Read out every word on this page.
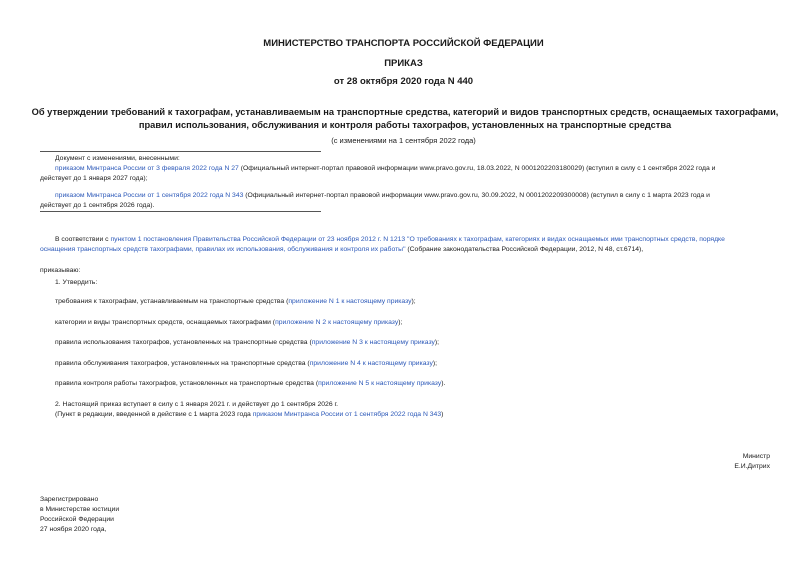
МИНИСТЕРСТВО ТРАНСПОРТА РОССИЙСКОЙ ФЕДЕРАЦИИ
ПРИКАЗ
от 28 октября 2020 года N 440
Об утверждении требований к тахографам, устанавливаемым на транспортные средства, категорий и видов транспортных средств, оснащаемых тахографами,
правил использования, обслуживания и контроля работы тахографов, установленных на транспортные средства
(с изменениями на 1 сентября 2022 года)
Документ с изменениями, внесенными:
приказом Минтранса России от 3 февраля 2022 года N 27 (Официальный интернет-портал правовой информации www.pravo.gov.ru, 18.03.2022, N 0001202203180029) (вступил в силу с 1 сентября 2022 года и
действует до 1 января 2027 года);
приказом Минтранса России от 1 сентября 2022 года N 343 (Официальный интернет-портал правовой информации www.pravo.gov.ru, 30.09.2022, N 0001202209300008) (вступил в силу с 1 марта 2023 года и
действует до 1 сентября 2026 года).
В соответствии с пунктом 1 постановления Правительства Российской Федерации от 23 ноября 2012 г. N 1213 "О требованиях к тахографам, категориях и видах оснащаемых ими транспортных средств, порядке
оснащения транспортных средств тахографами, правилах их использования, обслуживания и контроля их работы" (Собрание законодательства Российской Федерации, 2012, N 48, ст.6714),
приказываю:
1. Утвердить:
требования к тахографам, устанавливаемым на транспортные средства (приложение N 1 к настоящему приказу);
категории и виды транспортных средств, оснащаемых тахографами (приложение N 2 к настоящему приказу);
правила использования тахографов, установленных на транспортные средства (приложение N 3 к настоящему приказу);
правила обслуживания тахографов, установленных на транспортные средства (приложение N 4 к настоящему приказу);
правила контроля работы тахографов, установленных на транспортные средства (приложение N 5 к настоящему приказу).
2. Настоящий приказ вступает в силу с 1 января 2021 г. и действует до 1 сентября 2026 г.
(Пункт в редакции, введенной в действие с 1 марта 2023 года приказом Минтранса России от 1 сентября 2022 года N 343)
Министр
Е.И.Дитрих
Зарегистрировано
в Министерстве юстиции
Российской Федерации
27 ноября 2020 года,
